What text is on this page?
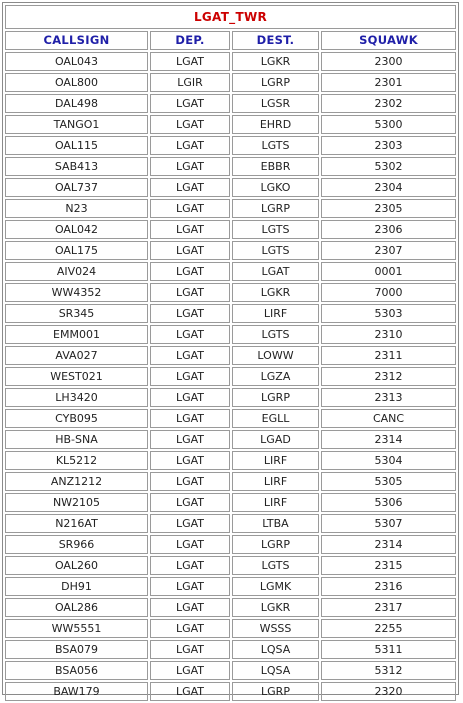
LGAT_TWR
CALLSIGN	DEP.	DEST.	SQUAWK
OAL043	LGAT	LGKR	2300
OAL800	LGIR	LGRP	2301
DAL498	LGAT	LGSR	2302
TANGO1	LGAT	EHRD	5300
OAL115	LGAT	LGTS	2303
SAB413	LGAT	EBBR	5302
OAL737	LGAT	LGKO	2304
N23	LGAT	LGRP	2305
OAL042	LGAT	LGTS	2306
OAL175	LGAT	LGTS	2307
AIV024	LGAT	LGAT	0001
WW4352	LGAT	LGKR	7000
SR345	LGAT	LIRF	5303
EMM001	LGAT	LGTS	2310
AVA027	LGAT	LOWW	2311
WEST021	LGAT	LGZA	2312
LH3420	LGAT	LGRP	2313
CYB095	LGAT	EGLL	CANC
HB-SNA	LGAT	LGAD	2314
KL5212	LGAT	LIRF	5304
ANZ1212	LGAT	LIRF	5305
NW2105	LGAT	LIRF	5306
N216AT	LGAT	LTBA	5307
SR966	LGAT	LGRP	2314
OAL260	LGAT	LGTS	2315
DH91	LGAT	LGMK	2316
OAL286	LGAT	LGKR	2317
WW5551	LGAT	WSSS	2255
BSA079	LGAT	LQSA	5311
BSA056	LGAT	LQSA	5312
BAW179	LGAT	LGRP	2320
